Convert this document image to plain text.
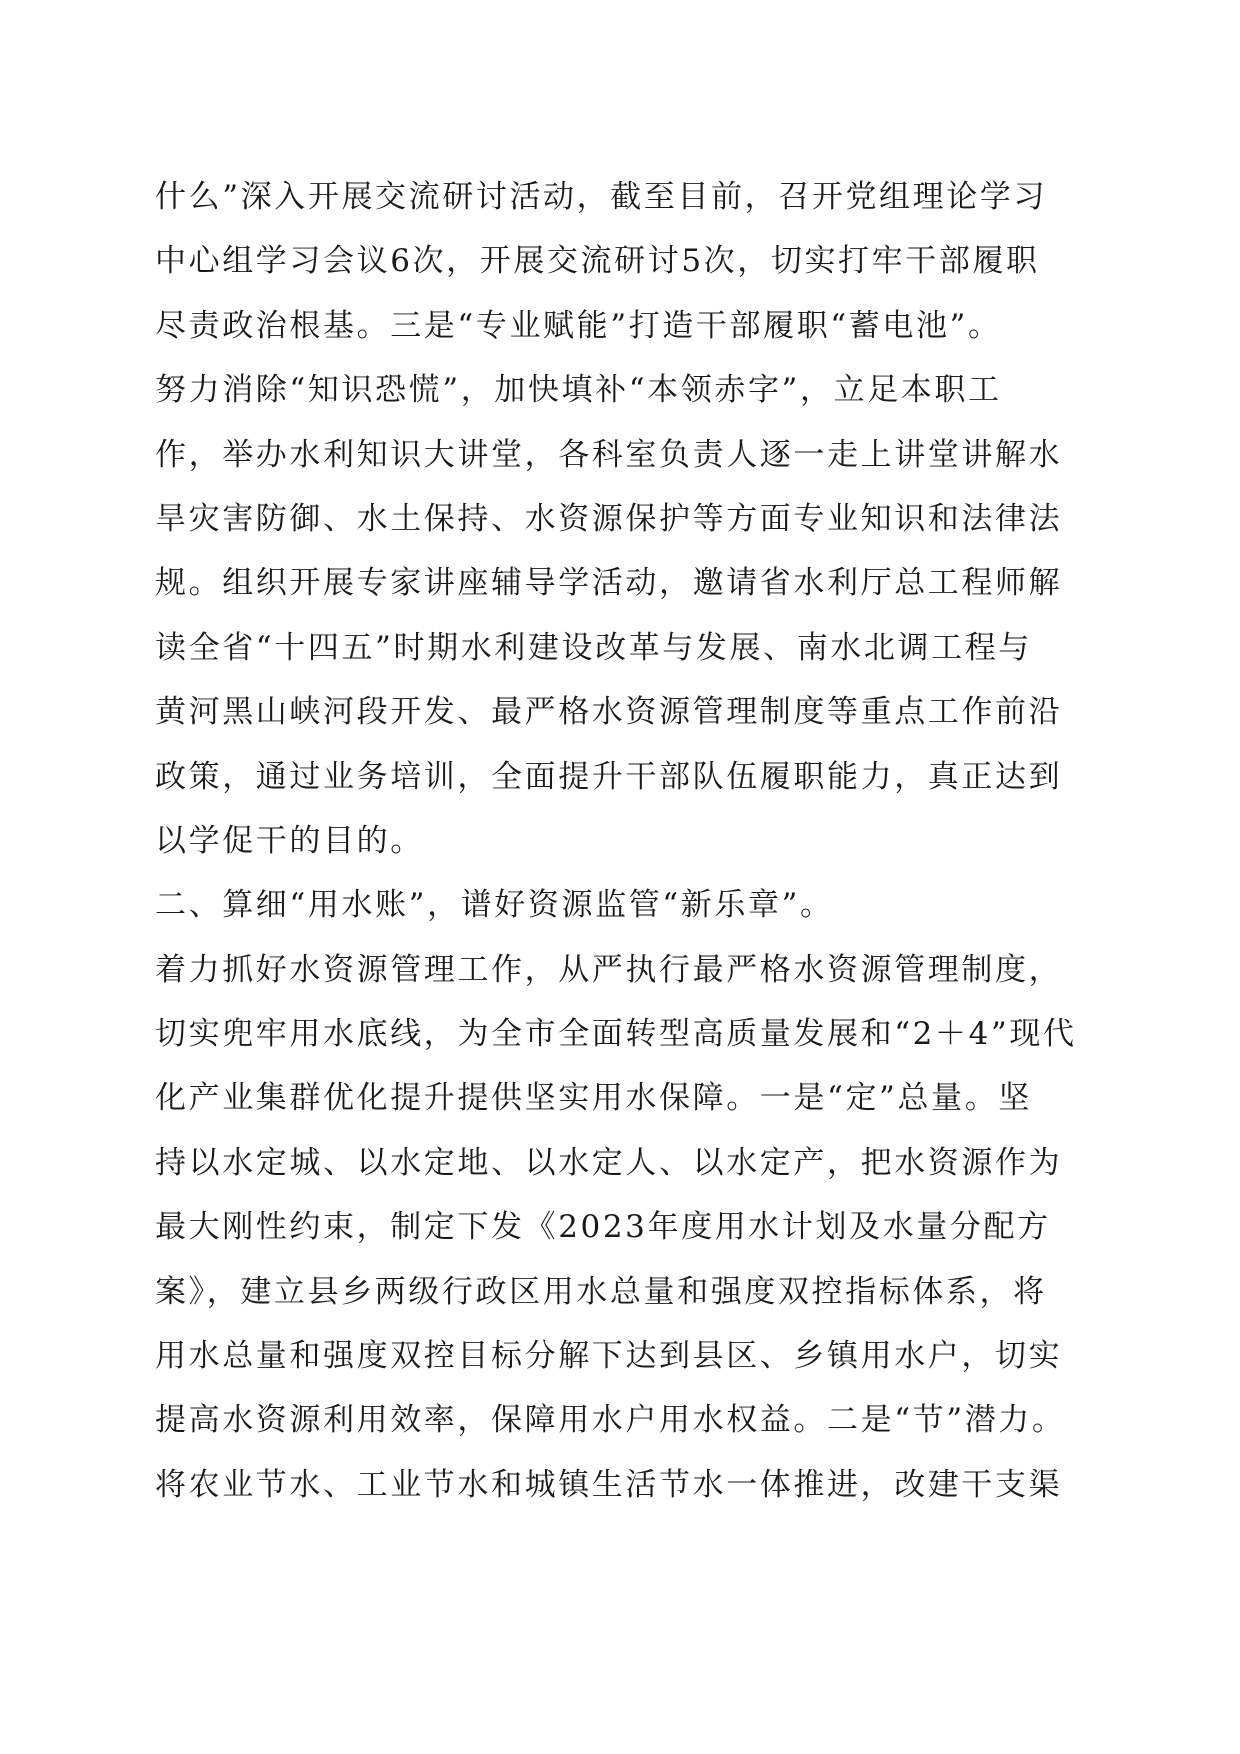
什么”深入开展交流研讨活动，截至目前，召开党组理论学习
中心组学习会议6次，开展交流研讨5次，切实打牢干部履职
尽责政治根基。三是“专业赋能”打造干部履职“蓄电池”。
努力消除“知识恐慌”，加快填补“本领赤字”，立足本职工
作，举办水利知识大讲堂，各科室负责人逐一走上讲堂讲解水
旱灾害防御、水土保持、水资源保护等方面专业知识和法律法
规。组织开展专家讲座辅导学活动，邀请省水利厅总工程师解
读全省“十四五”时期水利建设改革与发展、南水北调工程与
黄河黑山峡河段开发、最严格水资源管理制度等重点工作前沿
政策，通过业务培训，全面提升干部队伍履职能力，真正达到
以学促干的目的。
二、算细“用水账”，谱好资源监管“新乐章”。
着力抓好水资源管理工作，从严执行最严格水资源管理制度，
切实兜牢用水底线，为全市全面转型高质量发展和“2＋4”现代
化产业集群优化提升提供坚实用水保障。一是“定”总量。坚
持以水定城、以水定地、以水定人、以水定产，把水资源作为
最大刚性约束，制定下发《2023年度用水计划及水量分配方
案》，建立县乡两级行政区用水总量和强度双控指标体系，将
用水总量和强度双控目标分解下达到县区、乡镇用水户，切实
提高水资源利用效率，保障用水户用水权益。二是“节”潜力。
将农业节水、工业节水和城镇生活节水一体推进，改建干支渠
